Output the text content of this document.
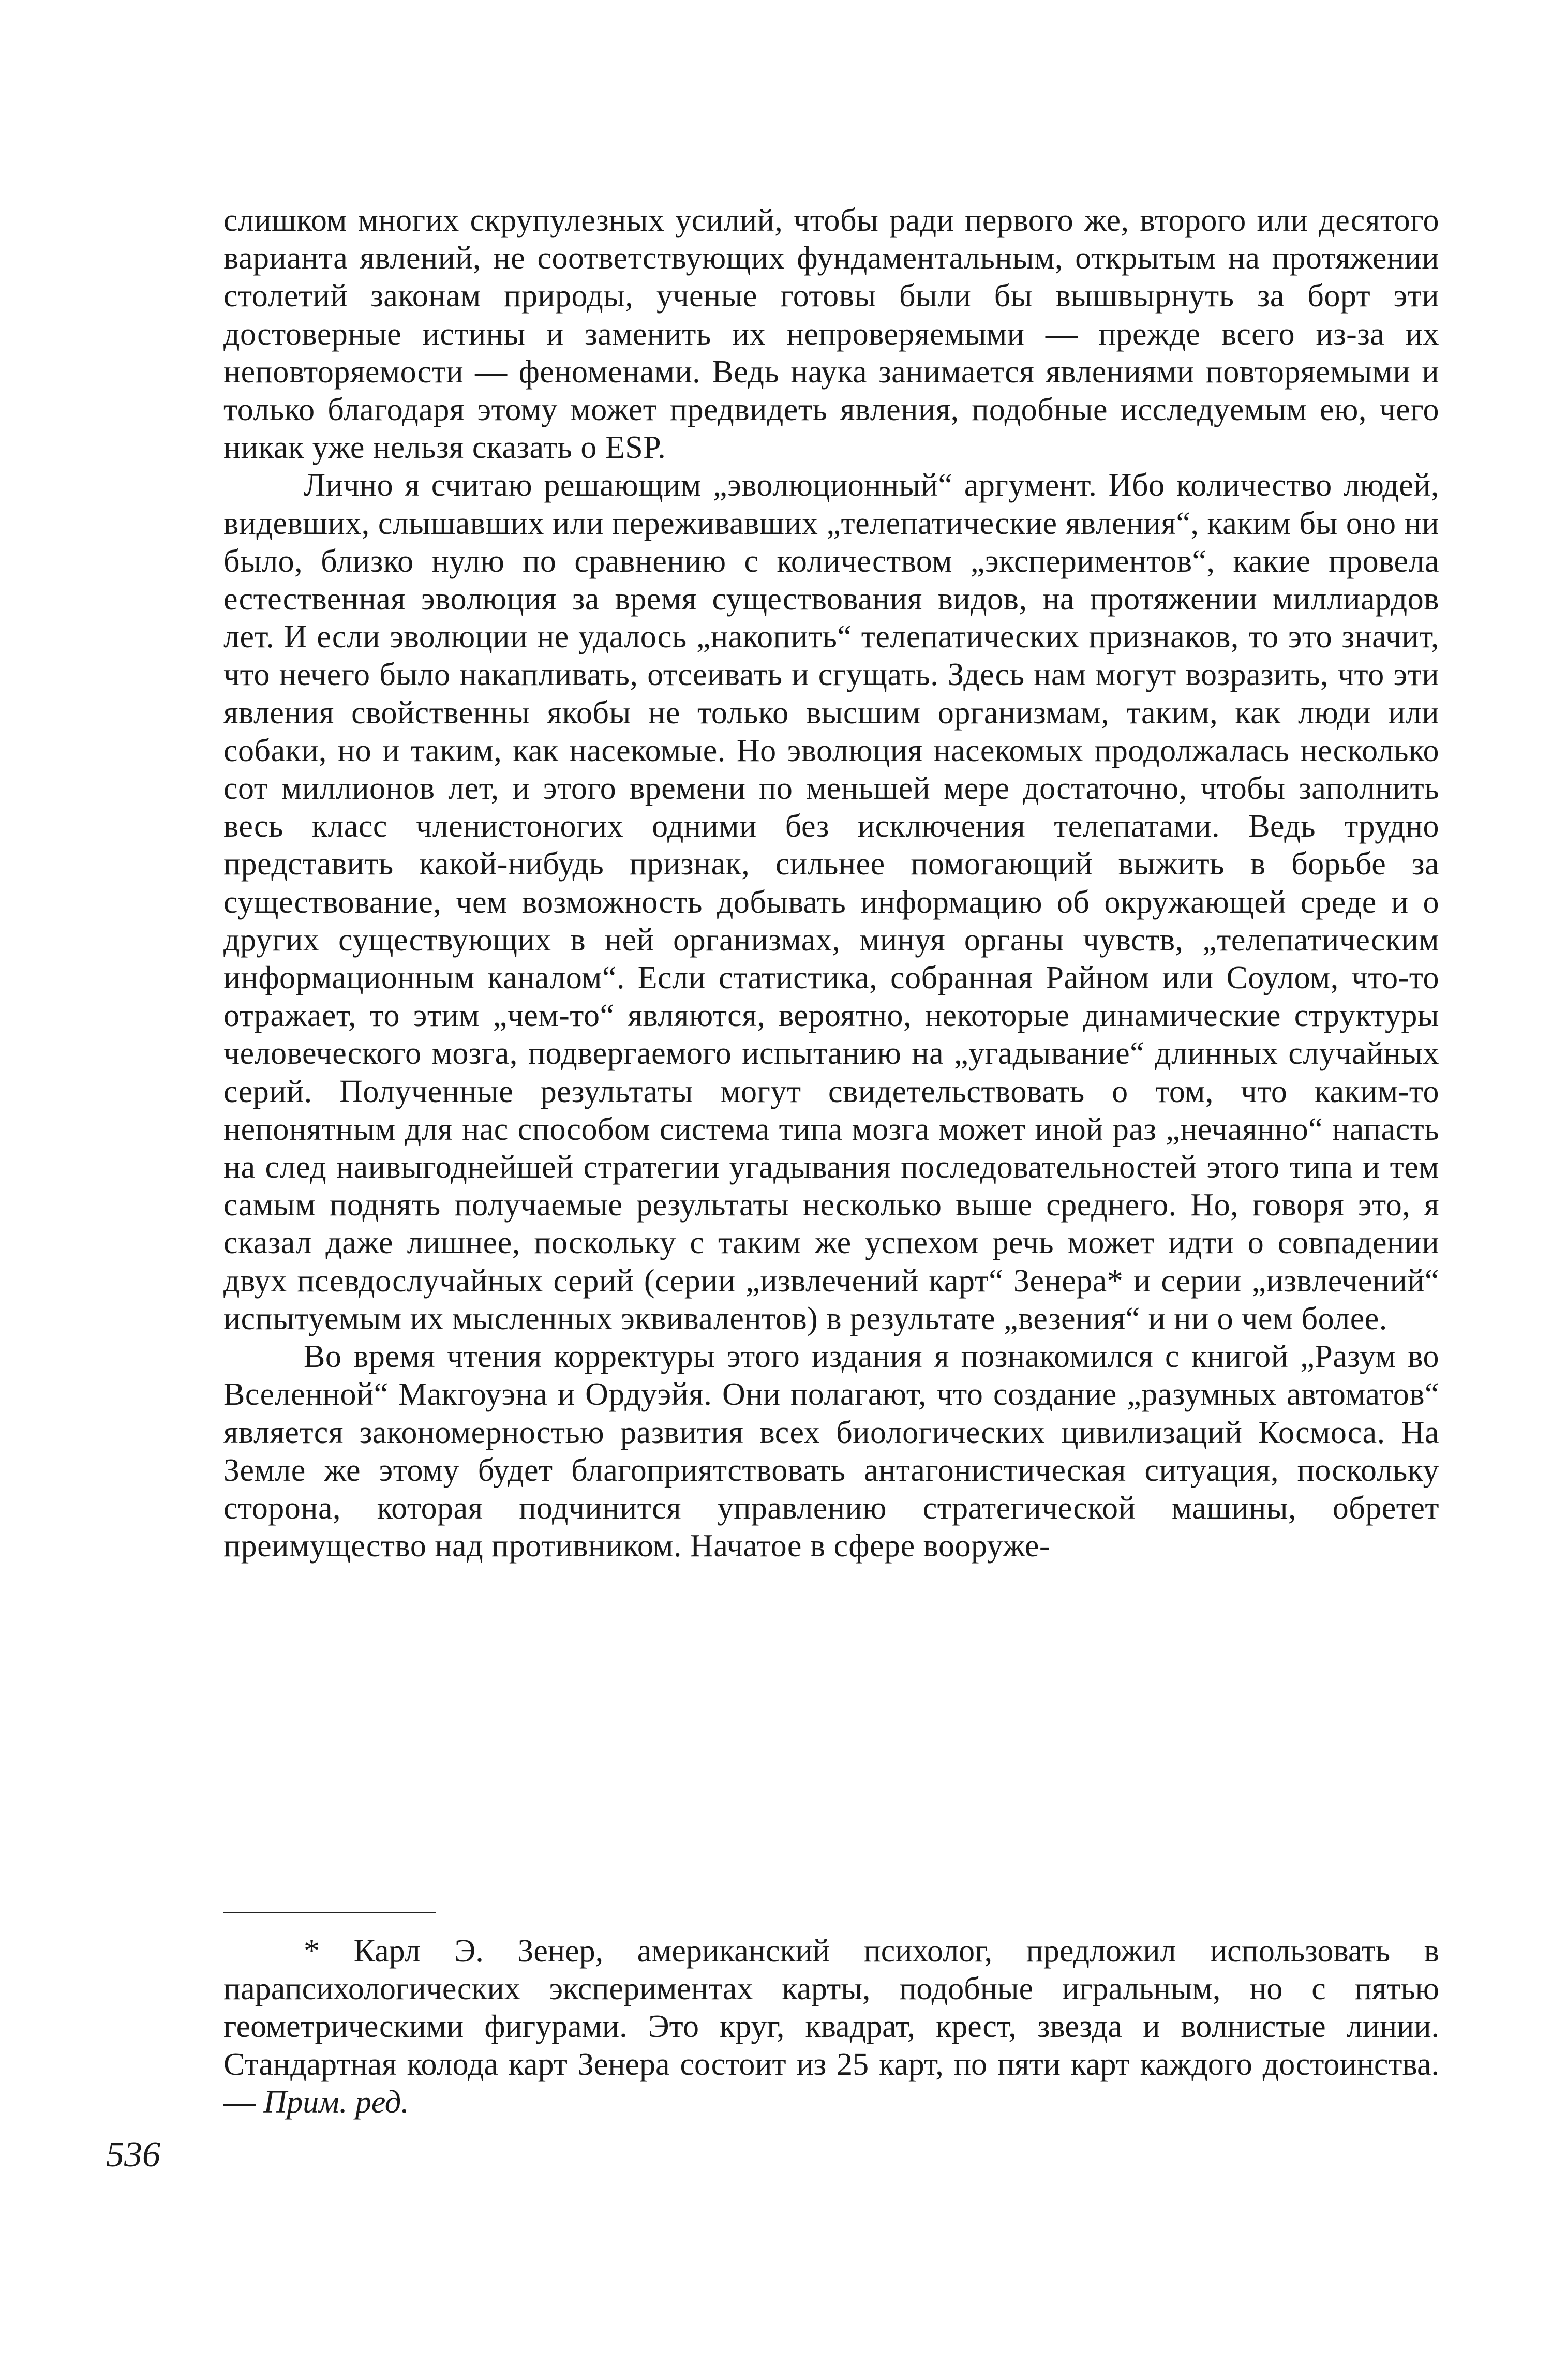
слишком многих скрупулезных усилий, чтобы ради первого же, второго или десятого варианта явлений, не соответствующих фундаментальным, открытым на протяжении столетий законам природы, ученые готовы были бы вышвырнуть за борт эти достоверные истины и заменить их непроверяемыми — прежде всего из-за их неповторяемости — феноменами. Ведь наука занимается явлениями повторяемыми и только благодаря этому может предвидеть явления, подобные исследуемым ею, чего никак уже нельзя сказать о ESP.

Лично я считаю решающим „эволюционный“ аргумент. Ибо количество людей, видевших, слышавших или переживавших „телепатические явления“, каким бы оно ни было, близко нулю по сравнению с количеством „экспериментов“, какие провела естественная эволюция за время существования видов, на протяжении миллиардов лет. И если эволюции не удалось „накопить“ телепатических признаков, то это значит, что нечего было накапливать, отсеивать и сгущать. Здесь нам могут возразить, что эти явления свойственны якобы не только высшим организмам, таким, как люди или собаки, но и таким, как насекомые. Но эволюция насекомых продолжалась несколько сот миллионов лет, и этого времени по меньшей мере достаточно, чтобы заполнить весь класс членистоногих одними без исключения телепатами. Ведь трудно представить какой-нибудь признак, сильнее помогающий выжить в борьбе за существование, чем возможность добывать информацию об окружающей среде и о других существующих в ней организмах, минуя органы чувств, „телепатическим информационным каналом“. Если статистика, собранная Райном или Соулом, что-то отражает, то этим „чем-то“ являются, вероятно, некоторые динамические структуры человеческого мозга, подвергаемого испытанию на „угадывание“ длинных случайных серий. Полученные результаты могут свидетельствовать о том, что каким-то непонятным для нас способом система типа мозга может иной раз „нечаянно“ напасть на след наивыгоднейшей стратегии угадывания последовательностей этого типа и тем самым поднять получаемые результаты несколько выше среднего. Но, говоря это, я сказал даже лишнее, поскольку с таким же успехом речь может идти о совпадении двух псевдослучайных серий (серии „извлечений карт“ Зенера* и серии „извлечений“ испытуемым их мысленных эквивалентов) в результате „везения“ и ни о чем более.

Во время чтения корректуры этого издания я познакомился с книгой „Разум во Вселенной“ Макгоуэна и Ордуэйя. Они полагают, что создание „разумных автоматов“ является закономерностью развития всех биологических цивилизаций Космоса. На Земле же этому будет благоприятствовать антагонистическая ситуация, поскольку сторона, которая подчинится управлению стратегической машины, обретет преимущество над противником. Начатое в сфере вооруже-

* Карл Э. Зенер, американский психолог, предложил использовать в парапсихологических экспериментах карты, подобные игральным, но с пятью геометрическими фигурами. Это круг, квадрат, крест, звезда и волнистые линии. Стандартная колода карт Зенера состоит из 25 карт, по пяти карт каждого достоинства. — Прим. ред.
536
